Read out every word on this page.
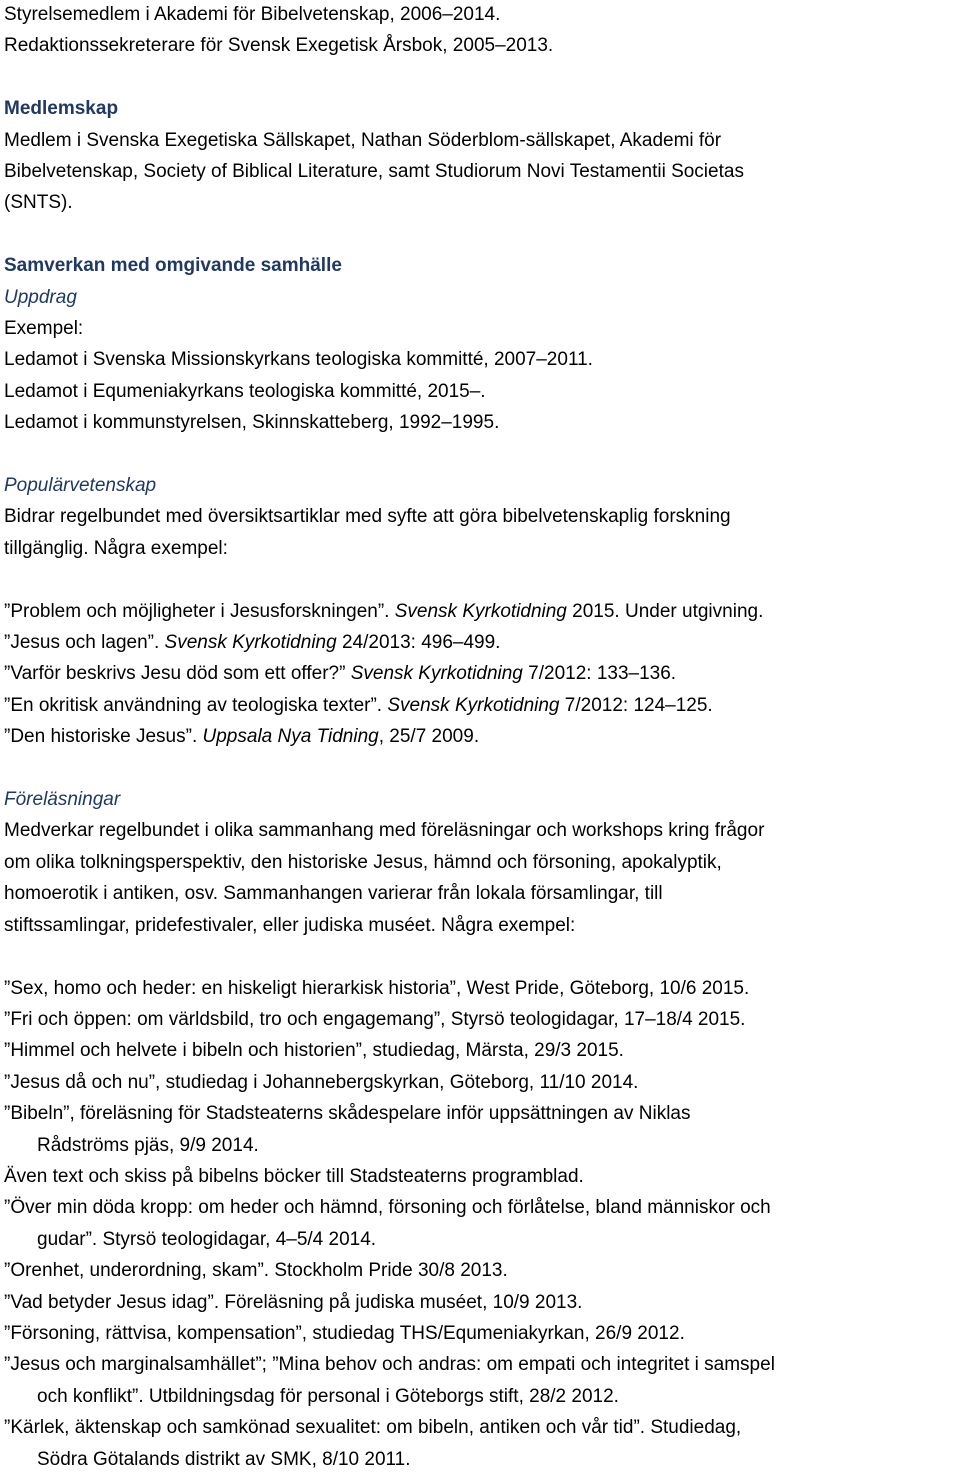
Styrelsemedlem i Akademi för Bibelvetenskap, 2006–2014.

Redaktionssekreterare för Svensk Exegetisk Årsbok, 2005–2013.

Medlemskap

Medlem i Svenska Exegetiska Sällskapet, Nathan Söderblom-sällskapet, Akademi för

Bibelvetenskap, Society of Biblical Literature, samt Studiorum Novi Testamentii Societas

(SNTS).

Samverkan med omgivande samhälle

Uppdrag

Exempel:

Ledamot i Svenska Missionskyrkans teologiska kommitté, 2007–2011.

Ledamot i Equmeniakyrkans teologiska kommitté, 2015–.

Ledamot i kommunstyrelsen, Skinnskatteberg, 1992–1995.

Populärvetenskap

Bidrar regelbundet med översiktsartiklar med syfte att göra bibelvetenskaplig forskning

tillgänglig. Några exempel:

”Problem och möjligheter i Jesusforskningen”. Svensk Kyrkotidning 2015. Under utgivning.

”Jesus och lagen”. Svensk Kyrkotidning 24/2013: 496–499.

”Varför beskrivs Jesu död som ett offer?” Svensk Kyrkotidning 7/2012: 133–136.

”En okritisk användning av teologiska texter”. Svensk Kyrkotidning 7/2012: 124–125.

”Den historiske Jesus”. Uppsala Nya Tidning, 25/7 2009.

Föreläsningar

Medverkar regelbundet i olika sammanhang med föreläsningar och workshops kring frågor

om olika tolkningsperspektiv, den historiske Jesus, hämnd och försoning, apokalyptik,

homoerotik i antiken, osv. Sammanhangen varierar från lokala församlingar, till

stiftssamlingar, pridefestivaler, eller judiska muséet. Några exempel:

”Sex, homo och heder: en hiskeligt hierarkisk historia”, West Pride, Göteborg, 10/6 2015.

”Fri och öppen: om världsbild, tro och engagemang”, Styrsö teologidagar, 17–18/4 2015.

”Himmel och helvete i bibeln och historien”, studiedag, Märsta, 29/3 2015.

”Jesus då och nu”, studiedag i Johannebergskyrkan, Göteborg, 11/10 2014.

”Bibeln”, föreläsning för Stadsteaterns skådespelare inför uppsättningen av Niklas

Rådströms pjäs, 9/9 2014.

Även text och skiss på bibelns böcker till Stadsteaterns programblad.

”Över min döda kropp: om heder och hämnd, försoning och förlåtelse, bland människor och

gudar”. Styrsö teologidagar, 4–5/4 2014.

”Orenhet, underordning, skam”. Stockholm Pride 30/8 2013.

”Vad betyder Jesus idag”. Föreläsning på judiska muséet, 10/9 2013.

”Försoning, rättvisa, kompensation”, studiedag THS/Equmeniakyrkan, 26/9 2012.

”Jesus och marginalsamhället”; ”Mina behov och andras: om empati och integritet i samspel

och konflikt”. Utbildningsdag för personal i Göteborgs stift, 28/2 2012.

”Kärlek, äktenskap och samkönad sexualitet: om bibeln, antiken och vår tid”. Studiedag,

Södra Götalands distrikt av SMK, 8/10 2011.
